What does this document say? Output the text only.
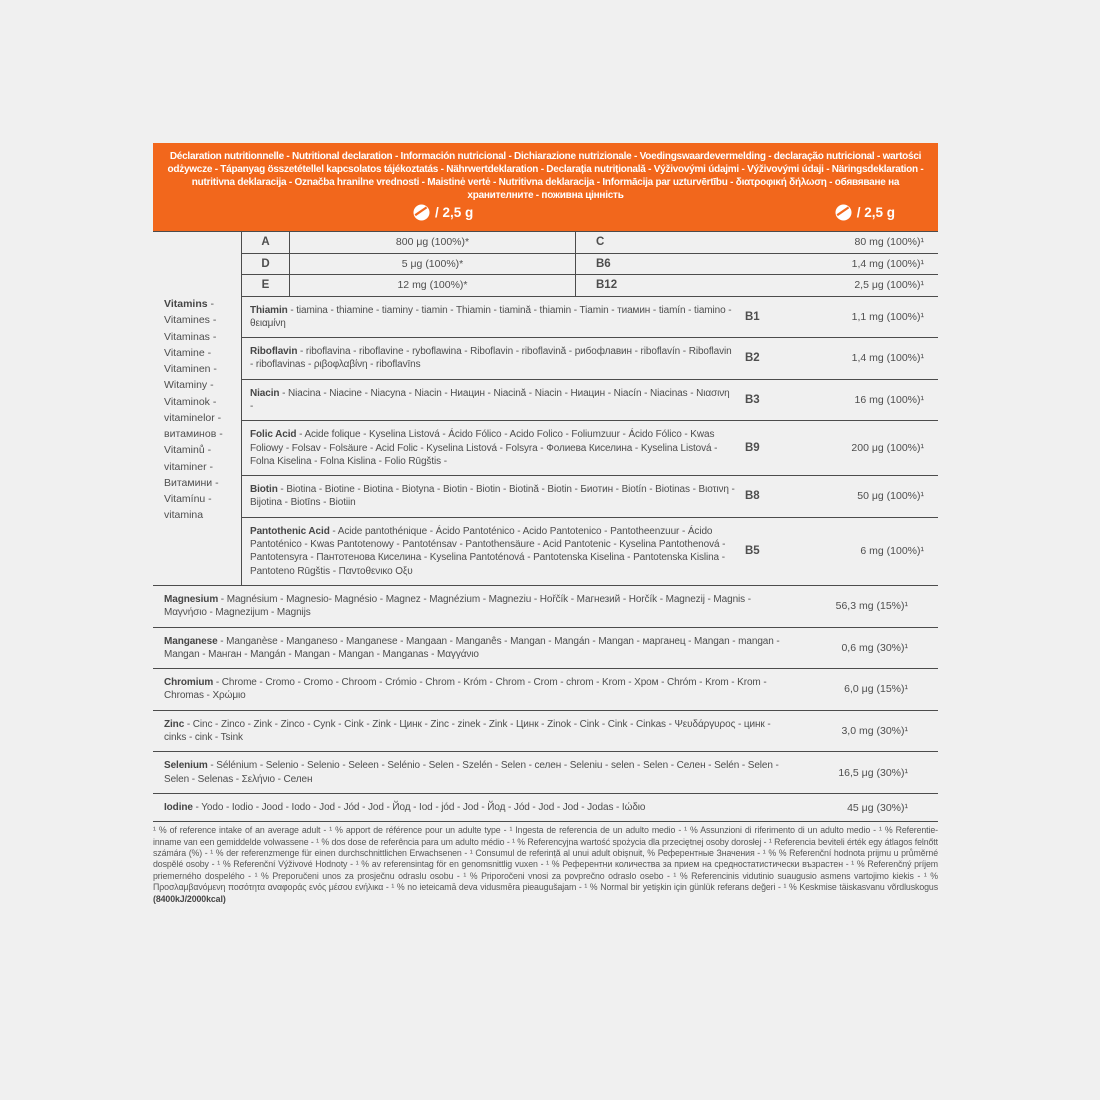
Déclaration nutritionnelle - Nutritional declaration - Información nutricional - Dichiarazione nutrizionale - Voedingswaardevermelding - declaração nutricional - wartości odżywcze - Tápanyag összetétellel kapcsolatos tájékoztatás - Nährwertdeklaration - Declarația nutrițională - Výživovými údajmi - Výživovými údaji - Näringsdeklaration - nutritivna deklaracija - Označba hranilne vrednosti - Maistinė vertė - Nutritivna deklaracija - Informācija par uzturvērtību - διατροφική δήλωση - обявяване на хранителните - поживна цінність
/ 2,5 g	/ 2,5 g
Vitamins - Vitamines - Vitaminas - Vitamine - Vitaminen - Witaminy - Vitaminok - vitaminelor - витаминов - Vitaminů - vitaminer - Витамини - Vitamínu - vitamina
A	800 μg (100%)*	C	80 mg (100%)¹
D	5 μg (100%)*	B6	1,4 mg (100%)¹
E	12 mg (100%)*	B12	2,5 μg (100%)¹
Thiamin - tiamina - thiamine - tiaminy - tiamin - Thiamin - tiamină - thiamin - Tiamin - тиамин - tiamín - tiamino - θειαμίνη
B1	1,1 mg (100%)¹
Riboflavin - riboflavina - riboflavine - ryboflawina - Riboflavin - riboflavină - рибофлавин - riboflavín - Riboflavin - riboflavinas - ριβοφλαβίνη - riboflavīns
B2	1,4 mg (100%)¹
Niacin - Niacina - Niacine - Niacyna - Niacin - Ниацин - Niacină - Niacin - Ниацин - Niacín - Niacinas - Νιασινη -
B3	16 mg (100%)¹
Folic Acid - Acide folique - Kyselina Listová - Ácido Fólico - Acido Folico - Foliumzuur - Ácido Fólico - Kwas Foliowy - Folsav - Folsäure - Acid Folic - Kyselina Listová - Folsyra - Фолиева Киселина - Kyselina Listová - Folna Kiselina - Folna Kislina - Folio Rūgštis -
B9	200 μg (100%)¹
Biotin - Biotina - Biotine - Biotina - Biotyna - Biotin - Biotin - Biotină - Biotin - Биотин - Biotín - Biotinas - Βιοτινη - Bijotina - Biotīns - Biotiin
B8	50 μg (100%)¹
Pantothenic Acid - Acide pantothénique - Ácido Pantoténico - Acido Pantotenico - Pantotheenzuur - Ácido Pantoténico - Kwas Pantotenowy - Pantoténsav - Pantothensäure - Acid Pantotenic - Kyselina Pantothenová - Pantotensyra - Пантотенова Киселина - Kyselina Pantoténová - Pantotenska Kiselina - Pantotenska Kislina - Pantoteno Rūgštis - Παντοθενικο Οξυ
B5	6 mg (100%)¹
Magnesium - Magnésium - Magnesio- Magnésio - Magnez - Magnézium - Magneziu - Hořčík - Магнезий - Horčík - Magnezij - Magnis - Μαγνήσιο - Magnezijum - Magnijs
56,3 mg (15%)¹
Manganese - Manganèse - Manganeso - Manganese - Mangaan - Manganês - Mangan - Mangán - Mangan - марганец - Mangan - mangan - Mangan - Манган - Mangán - Mangan - Mangan - Manganas - Μαγγάνιο
0,6 mg (30%)¹
Chromium - Chrome - Cromo - Cromo - Chroom - Crómio - Chrom - Króm - Chrom - Crom - chrom - Krom - Хром - Chróm - Krom - Krom - Chromas - Χρώμιο
6,0 μg (15%)¹
Zinc - Cinc - Zinco - Zink - Zinco - Cynk - Cink - Zink - Цинк - Zinc - zinek - Zink - Цинк - Zinok - Cink - Cink - Cinkas - Ψευδάργυρος - цинк - cinks - cink - Tsink
3,0 mg (30%)¹
Selenium - Sélénium - Selenio - Selenio - Seleen - Selénio - Selen - Szelén - Selen - селен - Seleniu - selen - Selen - Селен - Selén - Selen - Selen - Selenas - Σελήνιο - Селен
16,5 μg (30%)¹
Iodine - Yodo - Iodio - Jood - Iodo - Jod - Jód - Jod - Йод - Iod - jód - Jod - Йод - Jód - Jod - Jod - Jodas - Ιώδιο	45 μg (30%)¹
¹ % of reference intake of an average adult - ¹ % apport de référence pour un adulte type - ¹ Ingesta de referencia de un adulto medio - ¹ % Assunzioni di riferimento di un adulto medio - ¹ % Referentie-inname van een gemiddelde volwassene - ¹ % dos dose de referência para um adulto médio - ¹ % Referencyjna wartość spożycia dla przeciętnej osoby dorosłej - ¹ Referencia beviteli érték egy átlagos felnőtt számára (%) - ¹ % der referenzmenge für einen durchschnittlichen Erwachsenen - ¹ Consumul de referință al unui adult obișnuit, % Референтные Значения - ¹ % % Referenční hodnota prijmu u průměrné dospělé osoby - ¹ % Referenční Výživové Hodnoty - ¹ % av referensintag för en genomsnittlig vuxen - ¹ % Референтни количества за прием на средностатистически възрастен - ¹ % Referenčný príjem priemerného dospelého - ¹ % Preporučeni unos za prosječnu odraslu osobu - ¹ % Priporočeni vnosi za povprečno odraslo osebo - ¹ % Referencinis vidutinio suaugusio asmens vartojimo kiekis - ¹ % Προσλαμβανόμενη ποσότητα αναφοράς ενός μέσου ενήλικα - ¹ % no ieteicamā deva vidusmēra pieaugušajam - ¹ % Normal bir yetişkin için günlük referans değeri - ¹ % Keskmise täiskasvanu võrdluskogus (8400kJ/2000kcal)
